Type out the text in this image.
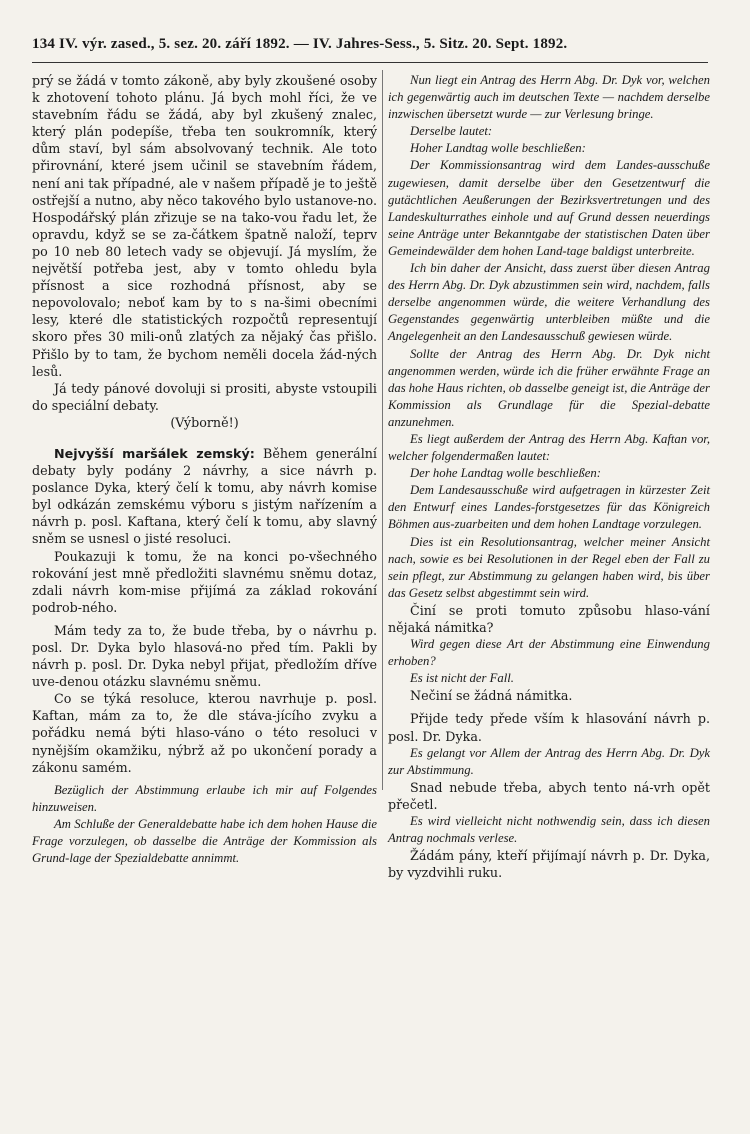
134 IV. výr. zased., 5. sez. 20. září 1892. — IV. Jahres-Sess., 5. Sitz. 20. Sept. 1892.

prý se žádá v tomto zákoně, aby byly zkoušené osoby k zhotovení tohoto plánu. Já bych mohl říci, že ve stavebním řádu se žádá, aby byl zkušený znalec, který plán podepíše, třeba ten soukromník, který dům staví, byl sám absolvovaný technik. Ale toto přirovnání, které jsem učinil se stavebním řádem, není ani tak případné, ale v našem případě je to ještě ostřejší a nutno, aby něco takového bylo ustanove-no. Hospodářský plán zřizuje se na tako-vou řadu let, že opravdu, když se se za-čátkem špatně naloží, teprv po 10 neb 80 letech vady se objevují. Já myslím, že největší potřeba jest, aby v tomto ohledu byla přísnost a sice rozhodná přísnost, aby se nepovolovalo; neboť kam by to s na-šimi obecními lesy, které dle statistických rozpočtů representují skoro přes 30 mili-onů zlatých za nějaký čas přišlo. Přišlo by to tam, že bychom neměli docela žád-ných lesů.

Já tedy pánové dovoluji si prositi, abyste vstoupili do speciální debaty.

(Výborně!)

Nejvyšší maršálek zemský: Během generální debaty byly podány 2 návrhy, a sice návrh p. poslance Dyka, který čelí k tomu, aby návrh komise byl odkázán zemskému výboru s jistým nařízením a návrh p. posl. Kaftana, který čelí k tomu, aby slavný sněm se usnesl o jisté resoluci.

Poukazuji k tomu, že na konci po-všechného rokování jest mně předložiti slavnému sněmu dotaz, zdali návrh kom-mise přijímá za základ rokování podrob-ného.

Mám tedy za to, že bude třeba, by o návrhu p. posl. Dr. Dyka bylo hlasová-no před tím. Pakli by návrh p. posl. Dr. Dyka nebyl přijat, předložím dříve uve-denou otázku slavnému sněmu.

Co se týká resoluce, kterou navrhuje p. posl. Kaftan, mám za to, že dle stáva-jícího zvyku a pořádku nemá býti hlaso-váno o této resoluci v nynějším okamžiku, nýbrž až po ukončení porady a zákonu samém.

Bezüglich der Abstimmung erlaube ich mir auf Folgendes hinzuweisen.

Am Schluße der Generaldebatte habe ich dem hohen Hause die Frage vorzulegen, ob dasselbe die Anträge der Kommission als Grund-lage der Spezialdebatte annimmt.

Nun liegt ein Antrag des Herrn Abg. Dr. Dyk vor, welchen ich gegenwärtig auch im deutschen Texte — nachdem derselbe inzwischen übersetzt wurde — zur Verlesung bringe.

Derselbe lautet:

Hoher Landtag wolle beschließen:

Der Kommissionsantrag wird dem Landes-ausschuße zugewiesen, damit derselbe über den Gesetzentwurf die gutächtlichen Aeußerungen der Bezirksvertretungen und des Landeskulturrathes einhole und auf Grund dessen neuerdings seine Anträge unter Bekanntgabe der statistischen Daten über Gemeindewälder dem hohen Land-tage baldigst unterbreite.

Ich bin daher der Ansicht, dass zuerst über diesen Antrag des Herrn Abg. Dr. Dyk abzustimmen sein wird, nachdem, falls derselbe angenommen würde, die weitere Verhandlung des Gegenstandes gegenwärtig unterbleiben müßte und die Angelegenheit an den Landesausschuß gewiesen würde.

Sollte der Antrag des Herrn Abg. Dr. Dyk nicht angenommen werden, würde ich die früher erwähnte Frage an das hohe Haus richten, ob dasselbe geneigt ist, die Anträge der Kommission als Grundlage für die Spezial-debatte anzunehmen.

Es liegt außerdem der Antrag des Herrn Abg. Kaftan vor, welcher folgendermaßen lautet:

Der hohe Landtag wolle beschließen:

Dem Landesausschuße wird aufgetragen in kürzester Zeit den Entwurf eines Landes-forstgesetzes für das Königreich Böhmen aus-zuarbeiten und dem hohen Landtage vorzulegen.

Dies ist ein Resolutionsantrag, welcher meiner Ansicht nach, sowie es bei Resolutionen in der Regel eben der Fall zu sein pflegt, zur Abstimmung zu gelangen haben wird, bis über das Gesetz selbst abgestimmt sein wird.

Činí se proti tomuto způsobu hlaso-vání nějaká námitka?

Wird gegen diese Art der Abstimmung eine Einwendung erhoben?

Es ist nicht der Fall.

Nečiní se žádná námitka.

Přijde tedy přede vším k hlasování návrh p. posl. Dr. Dyka.

Es gelangt vor Allem der Antrag des Herrn Abg. Dr. Dyk zur Abstimmung.

Snad nebude třeba, abych tento ná-vrh opět přečetl.

Es wird vielleicht nicht nothwendig sein, dass ich diesen Antrag nochmals verlese.

Žádám pány, kteří přijímají návrh p. Dr. Dyka, by vyzdvihli ruku.
